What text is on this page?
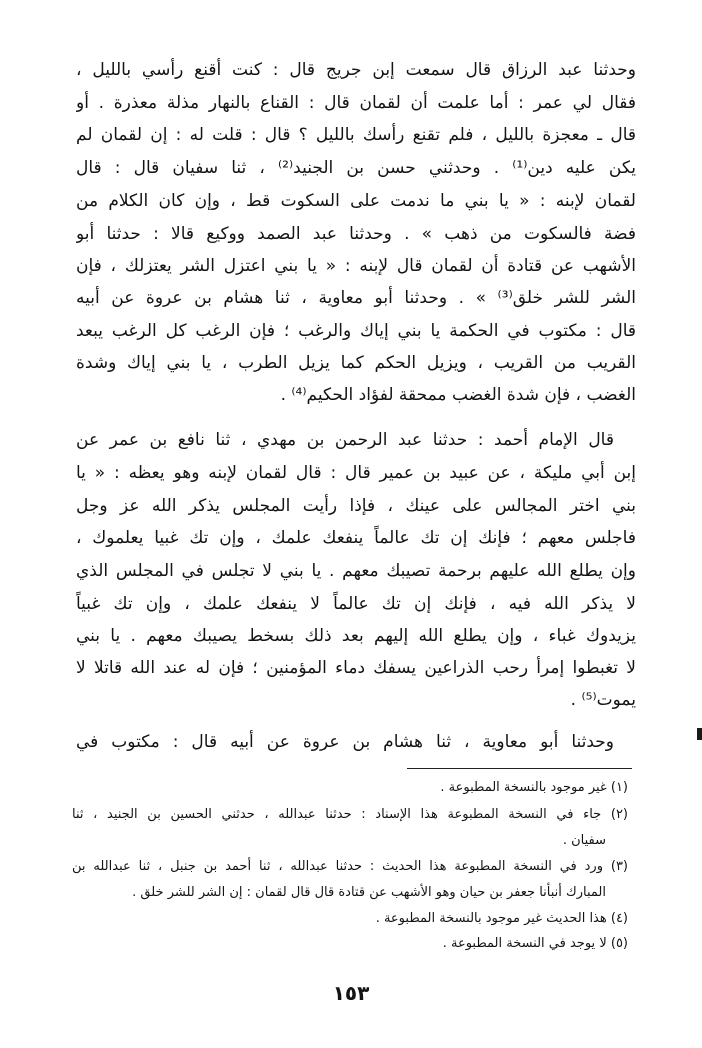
وحدثنا عبد الرزاق قال سمعت إبن جريج قال : كنت أقنع رأسي بالليل ،
فقال لي عمر : أما علمت أن لقمان قال : القناع بالنهار مذلة معذرة . أو
قال ـ معجزة بالليل ، فلم تقنع رأسك بالليل ؟ قال : قلت له : إن لقمان لم
يكن عليه دين⁽¹⁾ . وحدثني حسن بن الجنيد⁽²⁾ ، ثنا سفيان قال : قال
لقمان لإبنه : « يا بني ما ندمت على السكوت قط ، وإن كان الكلام من
فضة فالسكوت من ذهب » . وحدثنا عبد الصمد ووكيع قالا : حدثنا أبو
الأشهب عن قتادة أن لقمان قال لإبنه : « يا بني اعتزل الشر يعتزلك ، فإن
الشر للشر خلق⁽³⁾ » . وحدثنا أبو معاوية ، ثنا هشام بن عروة عن أبيه
قال : مكتوب في الحكمة يا بني إياك والرغب ؛ فإن الرغب كل الرغب يبعد
القريب من القريب ، ويزيل الحكم كما يزيل الطرب ، يا بني إياك وشدة
الغضب ، فإن شدة الغضب ممحقة لفؤاد الحكيم⁽⁴⁾ .
قال الإمام أحمد : حدثنا عبد الرحمن بن مهدي ، ثنا نافع بن عمر عن
إبن أبي مليكة ، عن عبيد بن عمير قال : قال لقمان لإبنه وهو يعظه : « يا
بني اختر المجالس على عينك ، فإذا رأيت المجلس يذكر الله عز وجل
فاجلس معهم ؛ فإنك إن تك عالماً ينفعك علمك ، وإن تك غبيا يعلموك ،
وإن يطلع الله عليهم برحمة تصيبك معهم . يا بني لا تجلس في المجلس الذي
لا يذكر الله فيه ، فإنك إن تك عالماً لا ينفعك علمك ، وإن تك غبياً
يزيدوك غباء ، وإن يطلع الله إليهم بعد ذلك بسخط يصيبك معهم . يا بني
لا تغبطوا إمرأ رحب الذراعين يسفك دماء المؤمنين ؛ فإن له عند الله قاتلا لا
يموت⁽⁵⁾ .
وحدثنا أبو معاوية ، ثنا هشام بن عروة عن أبيه قال : مكتوب في
(١) غير موجود بالنسخة المطبوعة .
(٢) جاء في النسخة المطبوعة هذا الإسناد : حدثنا عبدالله ، حدثني الحسين بن الجنيد ، ثنا
سفيان .
(٣) ورد في النسخة المطبوعة هذا الحديث : حدثنا عبدالله ، ثنا أحمد بن جنبل ، ثنا عبدالله بن
المبارك أنبأنا جعفر بن حيان وهو الأشهب عن قتادة قال قال لقمان : إن الشر للشر خلق .
(٤) هذا الحديث غير موجود بالنسخة المطبوعة .
(٥) لا يوجد في النسخة المطبوعة .
١٥٣
